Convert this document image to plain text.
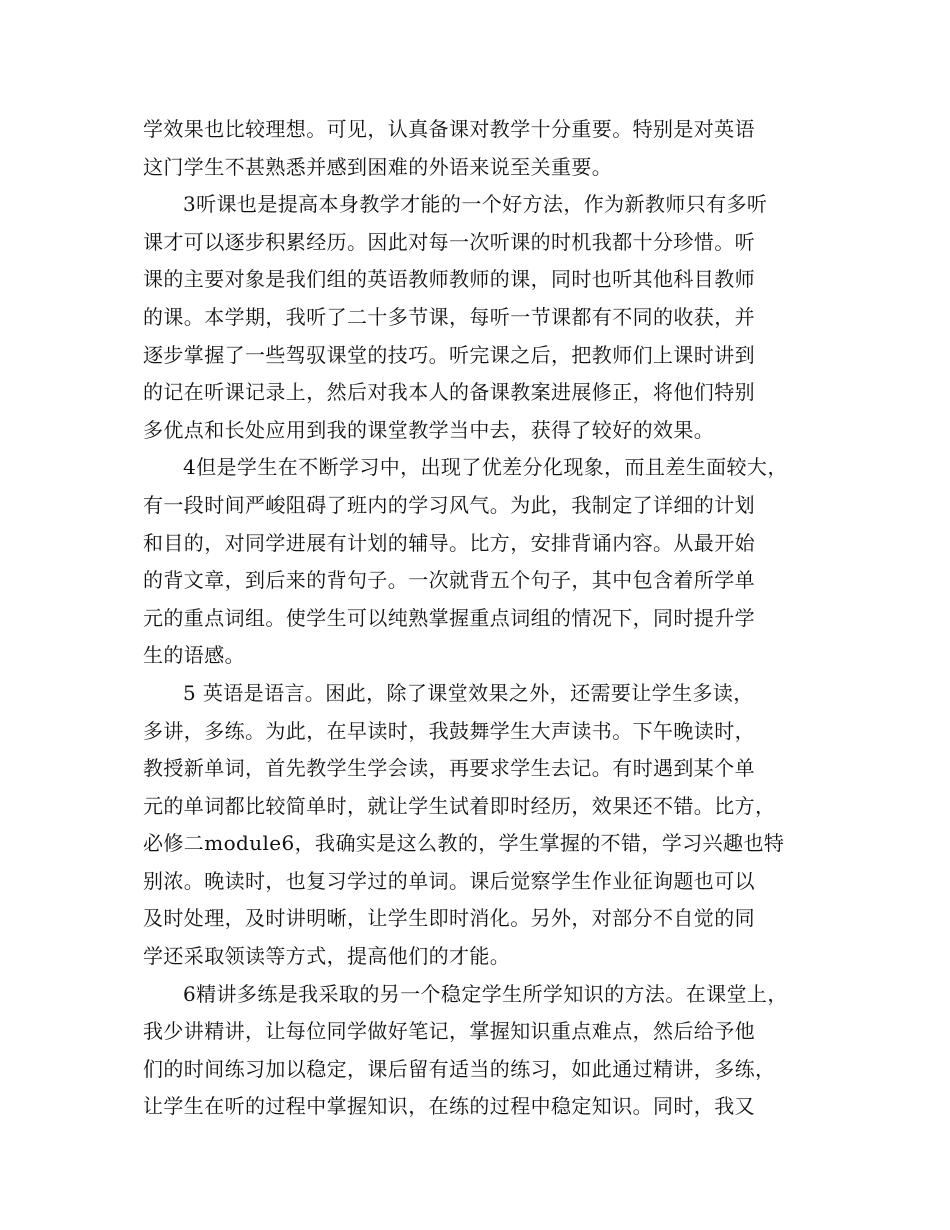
学效果也比较理想。可见，认真备课对教学十分重要。特别是对英语
这门学生不甚熟悉并感到困难的外语来说至关重要。
3听课也是提高本身教学才能的一个好方法，作为新教师只有多听
课才可以逐步积累经历。因此对每一次听课的时机我都十分珍惜。听
课的主要对象是我们组的英语教师教师的课，同时也听其他科目教师
的课。本学期，我听了二十多节课，每听一节课都有不同的收获，并
逐步掌握了一些驾驭课堂的技巧。听完课之后，把教师们上课时讲到
的记在听课记录上，然后对我本人的备课教案进展修正，将他们特别
多优点和长处应用到我的课堂教学当中去，获得了较好的效果。
4但是学生在不断学习中，出现了优差分化现象，而且差生面较大，
有一段时间严峻阻碍了班内的学习风气。为此，我制定了详细的计划
和目的，对同学进展有计划的辅导。比方，安排背诵内容。从最开始
的背文章，到后来的背句子。一次就背五个句子，其中包含着所学单
元的重点词组。使学生可以纯熟掌握重点词组的情况下，同时提升学
生的语感。
5 英语是语言。困此，除了课堂效果之外，还需要让学生多读，
多讲，多练。为此，在早读时，我鼓舞学生大声读书。下午晚读时，
教授新单词，首先教学生学会读，再要求学生去记。有时遇到某个单
元的单词都比较简单时，就让学生试着即时经历，效果还不错。比方，
必修二module6，我确实是这么教的，学生掌握的不错，学习兴趣也特
别浓。晚读时，也复习学过的单词。课后觉察学生作业征询题也可以
及时处理，及时讲明晰，让学生即时消化。另外，对部分不自觉的同
学还采取领读等方式，提高他们的才能。
6精讲多练是我采取的另一个稳定学生所学知识的方法。在课堂上，
我少讲精讲，让每位同学做好笔记，掌握知识重点难点，然后给予他
们的时间练习加以稳定，课后留有适当的练习，如此通过精讲，多练，
让学生在听的过程中掌握知识，在练的过程中稳定知识。同时，我又
